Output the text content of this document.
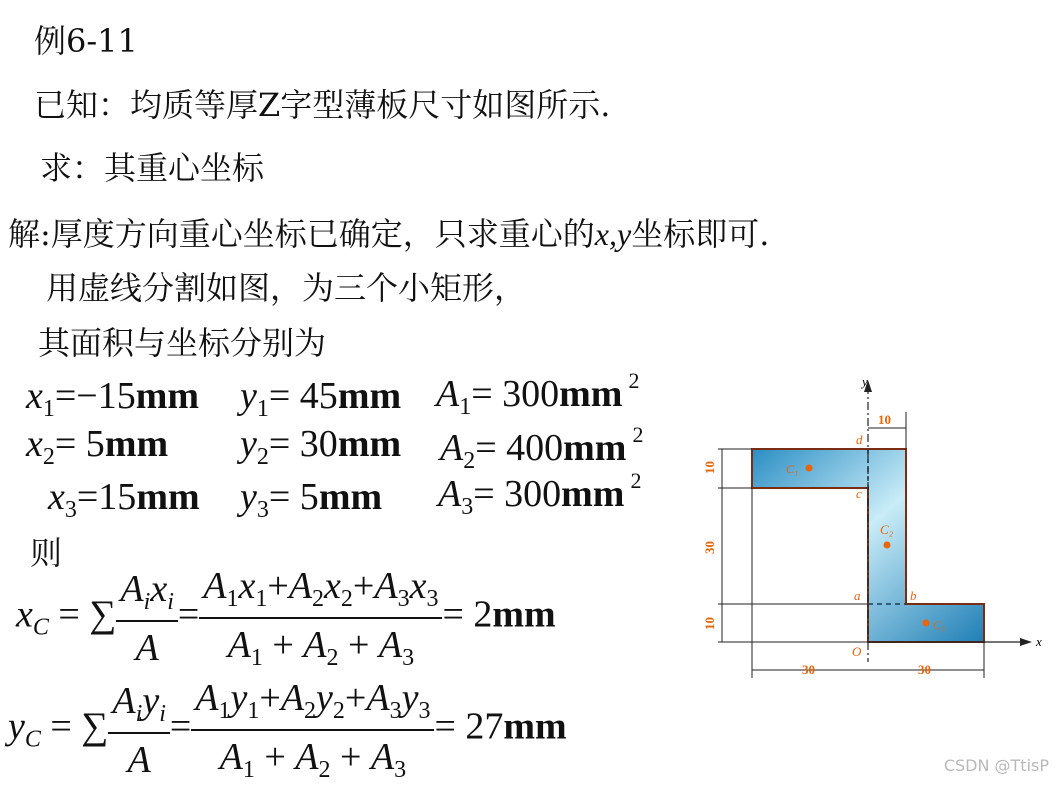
例6-11
已知：均质等厚Z字型薄板尺寸如图所示.
求：其重心坐标
解:厚度方向重心坐标已确定，只求重心的x,y坐标即可.
用虚线分割如图，为三个小矩形，
其面积与坐标分别为
$x_1=-15mm$ $y_1= 45mm$ $A_1= 300mm$ $^2$
$x_2= 5mm$ $y_2= 30mm$ $A_2= 400mm$ $^2$
$x_3=15mm$ $y_3= 5mm$ $A_3= 300mm$ $^2$
则
$x_C$ = ∑ $\frac{A_ix_i}{A} = \frac{A_1x_1+A_2x_2+A_3x_3}{A_1 + A_2 + A_3} = 2mm$
$y_C$ = ∑ $\frac{A_iy_i}{A} = \frac{A_1y_1+A_2y_2+A_3y_3}{A_1 + A_2 + A_3} = 27mm$
y
x
C₁
C₂
C₃
d
c
a	b
O
10
10
30
10
30	30
CSDN @TtisP
